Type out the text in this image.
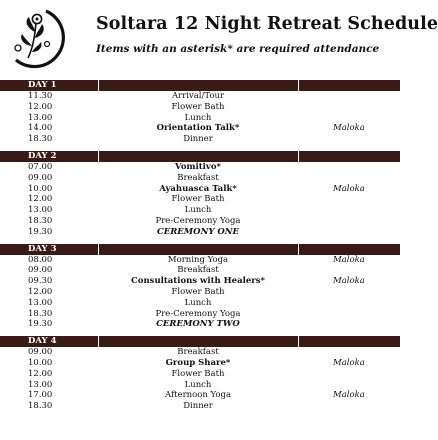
Soltara 12 Night Retreat Schedule
Items with an asterisk* are required attendance
DAY 1
11.30	Arrival/Tour
12.00	Flower Bath
13.00	Lunch
14.00	Orientation Talk*	Maloka
18.30	Dinner
DAY 2
07.00	Vomitivo*
09.00	Breakfast
10.00	Ayahuasca Talk*	Maloka
12.00	Flower Bath
13.00	Lunch
18.30	Pre-Ceremony Yoga
19.30	CEREMONY ONE
DAY 3
08.00	Morning Yoga	Maloka
09.00	Breakfast
09.30	Consultations with Healers*	Maloka
12.00	Flower Bath
13.00	Lunch
18.30	Pre-Ceremony Yoga
19.30	CEREMONY TWO
DAY 4
09.00	Breakfast
10.00	Group Share*	Maloka
12.00	Flower Bath
13.00	Lunch
17.00	Afternoon Yoga	Maloka
18.30	Dinner
